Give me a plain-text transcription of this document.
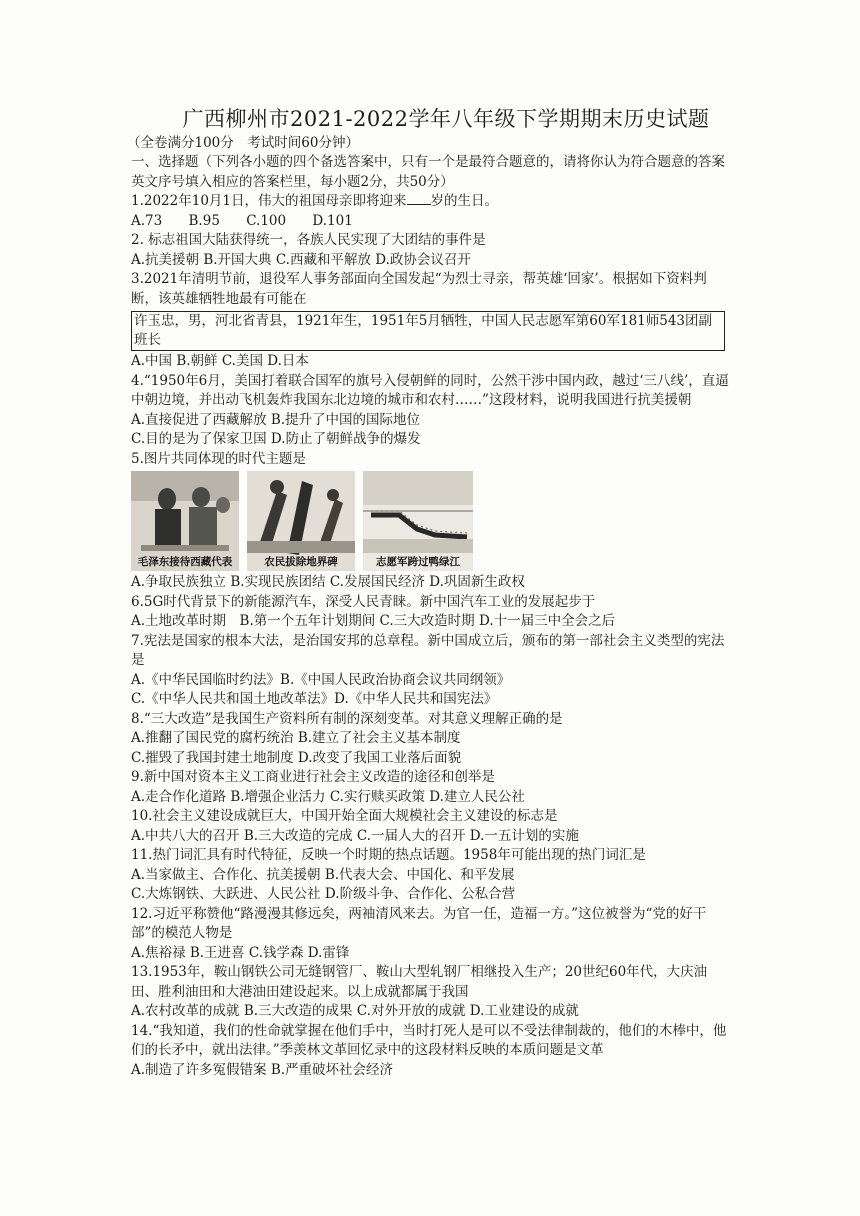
广西柳州市2021-2022学年八年级下学期期末历史试题
（全卷满分100分　考试时间60分钟）
一、选择题（下列各小题的四个备选答案中，只有一个是最符合题意的，请将你认为符合题意的答案英文序号填入相应的答案栏里，每小题2分，共50分）
1.2022年10月1日，伟大的祖国母亲即将迎来 岁的生日。
A.73 B.95 C.100 D.101
2. 标志祖国大陆获得统一，各族人民实现了大团结的事件是
A.抗美援朝 B.开国大典 C.西藏和平解放 D.政协会议召开
3.2021年清明节前，退役军人事务部面向全国发起“为烈士寻亲，帮英雄‘回家’。根据如下资料判断，该英雄牺牲地最有可能在
许玉忠，男，河北省青县，1921年生，1951年5月牺牲，中国人民志愿军第60军181师543团副班长
A.中国 B.朝鲜 C.美国 D.日本
4.“1950年6月，美国打着联合国军的旗号入侵朝鲜的同时，公然干涉中国内政，越过‘三八线’，直逼中朝边境，并出动飞机轰炸我国东北边境的城市和农村……”这段材料，说明我国进行抗美援朝
A.直接促进了西藏解放 B.提升了中国的国际地位
C.目的是为了保家卫国 D.防止了朝鲜战争的爆发
5.图片共同体现的时代主题是
毛泽东接待西藏代表	农民拔除地界碑	志愿军跨过鸭绿江
A.争取民族独立 B.实现民族团结 C.发展国民经济 D.巩固新生政权
6.5G时代背景下的新能源汽车，深受人民青睐。新中国汽车工业的发展起步于
A.土地改革时期　B.第一个五年计划期间 C.三大改造时期 D.十一届三中全会之后
7.宪法是国家的根本大法，是治国安邦的总章程。新中国成立后，颁布的第一部社会主义类型的宪法是
A.《中华民国临时约法》B.《中国人民政治协商会议共同纲领》
C.《中华人民共和国土地改革法》D.《中华人民共和国宪法》
8.“三大改造”是我国生产资料所有制的深刻变革。对其意义理解正确的是
A.推翻了国民党的腐朽统治 B.建立了社会主义基本制度
C.摧毁了我国封建土地制度 D.改变了我国工业落后面貌
9.新中国对资本主义工商业进行社会主义改造的途径和创举是
A.走合作化道路 B.增强企业活力 C.实行赎买政策 D.建立人民公社
10.社会主义建设成就巨大，中国开始全面大规模社会主义建设的标志是
A.中共八大的召开 B.三大改造的完成 C.一届人大的召开 D.一五计划的实施
11.热门词汇具有时代特征，反映一个时期的热点话题。1958年可能出现的热门词汇是
A.当家做主、合作化、抗美援朝 B.代表大会、中国化、和平发展
C.大炼钢铁、大跃进、人民公社 D.阶级斗争、合作化、公私合营
12.习近平称赞他“路漫漫其修远矣，两袖清风来去。为官一任，造福一方。”这位被誉为“党的好干部”的模范人物是
A.焦裕禄 B.王进喜 C.钱学森 D.雷锋
13.1953年，鞍山钢铁公司无缝钢管厂、鞍山大型轧钢厂相继投入生产；20世纪60年代，大庆油田、胜利油田和大港油田建设起来。以上成就都属于我国
A.农村改革的成就 B.三大改造的成果 C.对外开放的成就 D.工业建设的成就
14.“我知道，我们的性命就掌握在他们手中，当时打死人是可以不受法律制裁的，他们的木棒中，他们的长矛中，就出法律。”季羡林文革回忆录中的这段材料反映的本质问题是文革
A.制造了许多冤假错案 B.严重破坏社会经济
